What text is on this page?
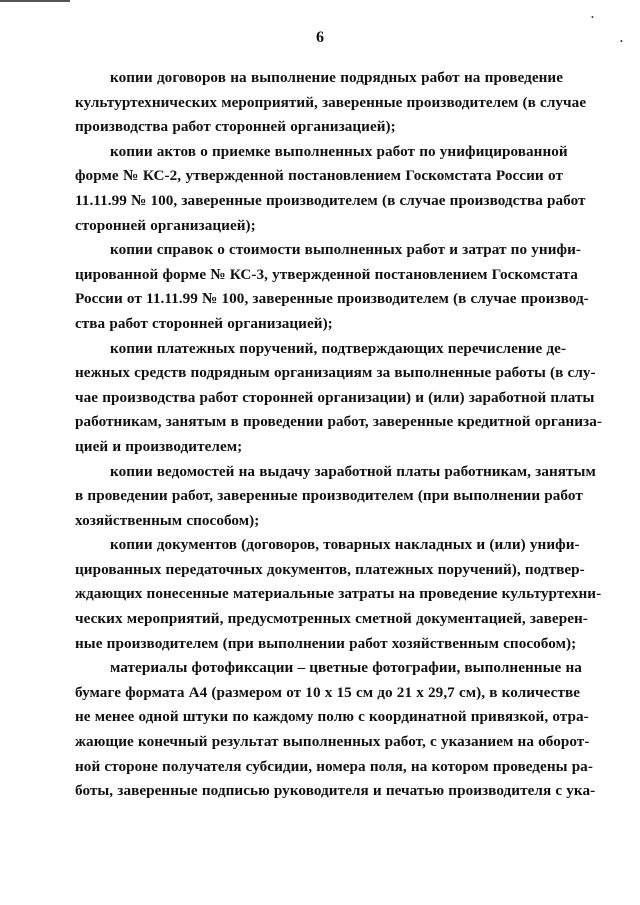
•
•
6
копии договоров на выполнение подрядных работ на проведение
культуртехнических мероприятий, заверенные производителем (в случае
производства работ сторонней организацией);
копии актов о приемке выполненных работ по унифицированной
форме № КС-2, утвержденной постановлением Госкомстата России от
11.11.99 № 100, заверенные производителем (в случае производства работ
сторонней организацией);
копии справок о стоимости выполненных работ и затрат по унифи-
цированной форме № КС-3, утвержденной постановлением Госкомстата
России от 11.11.99 № 100, заверенные производителем (в случае производ-
ства работ сторонней организацией);
копии платежных поручений, подтверждающих перечисление де-
нежных средств подрядным организациям за выполненные работы (в слу-
чае производства работ сторонней организации) и (или) заработной платы
работникам, занятым в проведении работ, заверенные кредитной организа-
цией и производителем;
копии ведомостей на выдачу заработной платы работникам, занятым
в проведении работ, заверенные производителем (при выполнении работ
хозяйственным способом);
копии документов (договоров, товарных накладных и (или) унифи-
цированных передаточных документов, платежных поручений), подтвер-
ждающих понесенные материальные затраты на проведение культуртехни-
ческих мероприятий, предусмотренных сметной документацией, заверен-
ные производителем (при выполнении работ хозяйственным способом);
материалы фотофиксации – цветные фотографии, выполненные на
бумаге формата А4 (размером от 10 х 15 см до 21 х 29,7 см), в количестве
не менее одной штуки по каждому полю с координатной привязкой, отра-
жающие конечный результат выполненных работ, с указанием на оборот-
ной стороне получателя субсидии, номера поля, на котором проведены ра-
боты, заверенные подписью руководителя и печатью производителя с ука-
